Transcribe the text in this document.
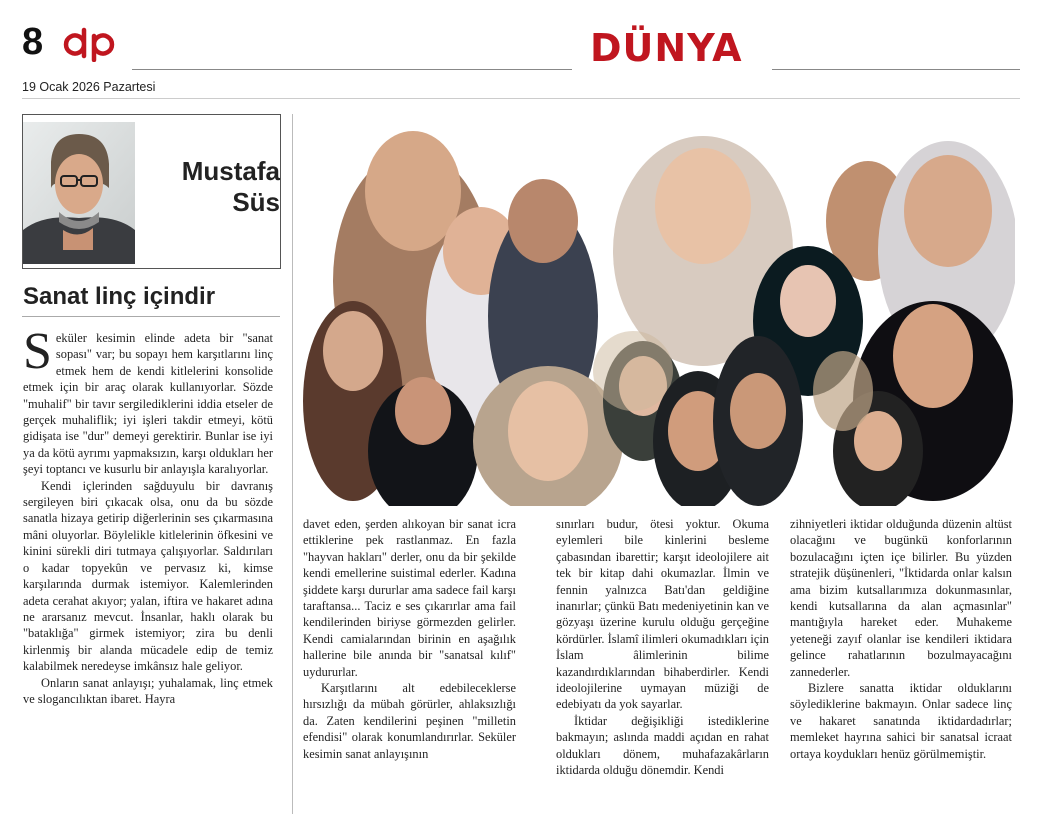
8	DÜNYA
19 Ocak 2026 Pazartesi
Mustafa
Süs
Sanat linç içindir

Seküler kesimin elinde adeta bir "sanat sopası" var; bu sopayı hem karşıtlarını linç etmek hem de kendi kitlelerini konsolide etmek için bir araç olarak kullanıyorlar. Sözde "muhalif" bir tavır sergilediklerini iddia etseler de gerçek muhaliflik; iyi işleri takdir etmeyi, kötü gidişata ise "dur" demeyi gerektirir. Bunlar ise iyi ya da kötü ayrımı yapmaksızın, karşı oldukları her şeyi toptancı ve kusurlu bir anlayışla karalıyorlar.

Kendi içlerinden sağduyulu bir davranış sergileyen biri çıkacak olsa, onu da bu sözde sanatla hizaya getirip diğerlerinin ses çıkarmasına mâni oluyorlar. Böylelikle kitlelerinin öfkesini ve kinini sürekli diri tutmaya çalışıyorlar. Saldırıları o kadar topyekûn ve pervasız ki, kimse karşılarında durmak istemiyor. Kalemlerinden adeta cerahat akıyor; yalan, iftira ve hakaret adına ne ararsanız mevcut. İnsanlar, haklı olarak bu "bataklığa" girmek istemiyor; zira bu denli kirlenmiş bir alanda mücadele edip de temiz kalabilmek neredeyse imkânsız hale geliyor.

Onların sanat anlayışı; yuhalamak, linç etmek ve slogancılıktan ibaret. Hayra

davet eden, şerden alıkoyan bir sanat icra ettiklerine pek rastlanmaz. En fazla "hayvan hakları" derler, onu da bir şekilde kendi emellerine suistimal ederler. Kadına şiddete karşı dururlar ama sadece fail karşı taraftansa... Taciz e ses çıkarırlar ama fail kendilerinden biriyse görmezden gelirler. Kendi camialarından birinin en aşağılık hallerine bile anında bir "sanatsal kılıf" uydururlar.

Karşıtlarını alt edebileceklerse hırsızlığı da mübah görürler, ahlaksızlığı da. Zaten kendilerini peşinen "milletin efendisi" olarak konumlandırırlar. Seküler kesimin sanat anlayışının

sınırları budur, ötesi yoktur. Okuma eylemleri bile kinlerini besleme çabasından ibarettir; karşıt ideolojilere ait tek bir kitap dahi okumazlar. İlmin ve fennin yalnızca Batı'dan geldiğine inanırlar; çünkü Batı medeniyetinin kan ve gözyaşı üzerine kurulu olduğu gerçeğine kördürler. İslamî ilimleri okumadıkları için İslam âlimlerinin bilime kazandırdıklarından bihaberdirler. Kendi ideolojilerine uymayan müziği de edebiyatı da yok sayarlar.

İktidar değişikliği istediklerine bakmayın; aslında maddi açıdan en rahat oldukları dönem, muhafazakârların iktidarda olduğu dönemdir. Kendi

zihniyetleri iktidar olduğunda düzenin altüst olacağını ve bugünkü konforlarının bozulacağını içten içe bilirler. Bu yüzden stratejik düşünenleri, "İktidarda onlar kalsın ama bizim kutsallarımıza dokunmasınlar, kendi kutsallarına da alan açmasınlar" mantığıyla hareket eder. Muhakeme yeteneği zayıf olanlar ise kendileri iktidara gelince rahatlarının bozulmayacağını zannederler.

Bizlere sanatta iktidar olduklarını söylediklerine bakmayın. Onlar sadece linç ve hakaret sanatında iktidardadırlar; memleket hayrına sahici bir sanatsal icraat ortaya koydukları henüz görülmemiştir.
